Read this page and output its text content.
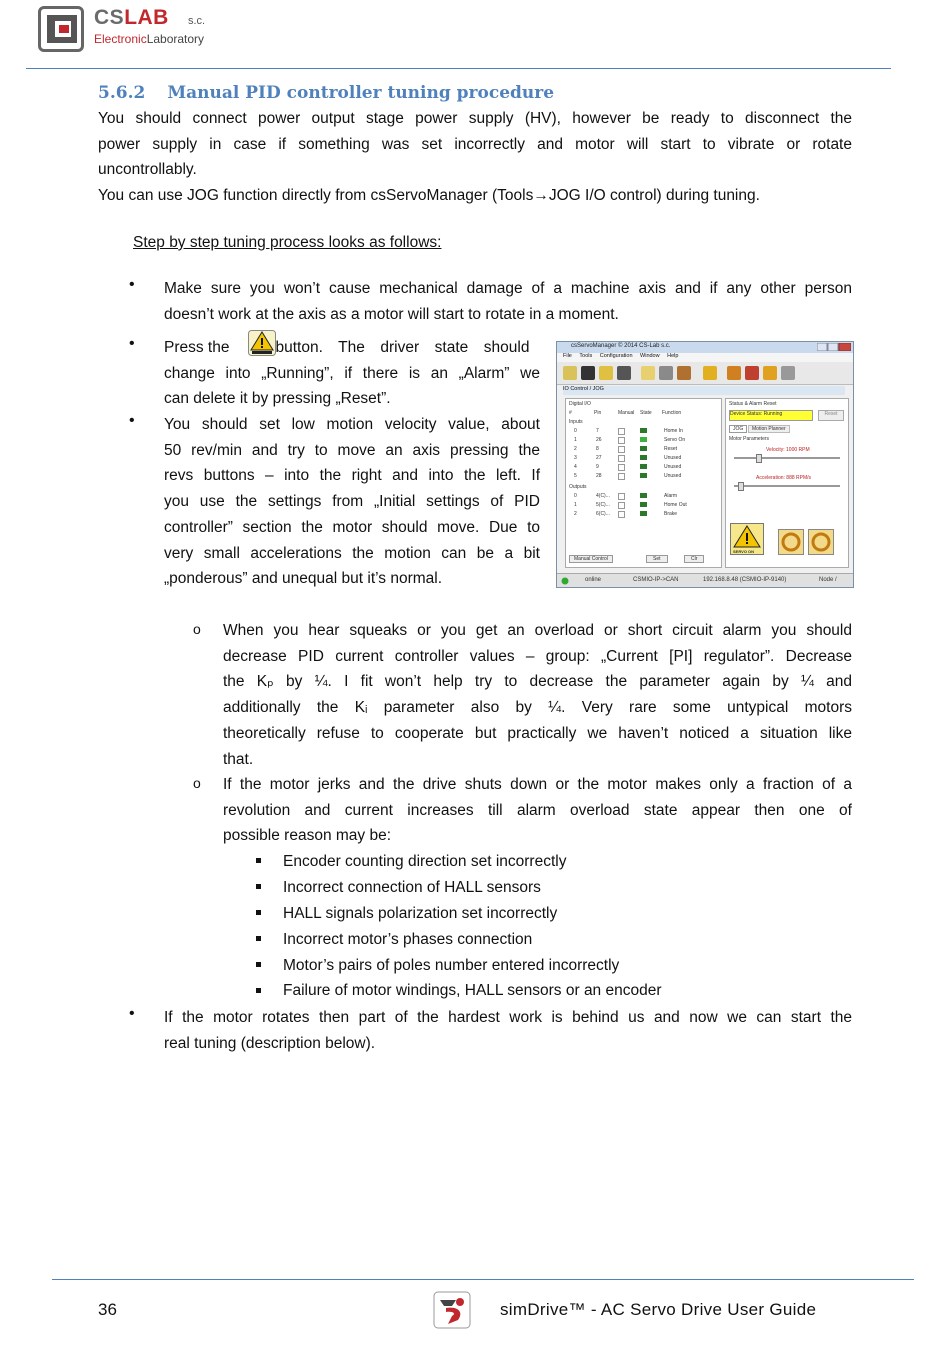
CSLAB s.c.
ElectronicLaboratory
5.6.2 Manual PID controller tuning procedure
You should connect power output stage power supply (HV), however be ready to disconnect the
power supply in case if something was set incorrectly and motor will start to vibrate or rotate
uncontrollably.
You can use JOG function directly from csServoManager (Tools→JOG I/O control) during tuning.
Step by step tuning process looks as follows:
• Make sure you won’t cause mechanical damage of a machine axis and if any other person
doesn’t work at the axis as a motor will start to rotate in a moment.
• Press the	button. The driver state should
change into „Running”, if there is an „Alarm” we
can delete it by pressing „Reset”.
• You should set low motion velocity value, about
50 rev/min and try to move an axis pressing the
revs buttons – into the right and into the left. If
you use the settings from „Initial settings of PID
controller” section the motor should move. Due to
very small accelerations the motion can be a bit
„ponderous” and unequal but it’s normal.
csServoManager © 2014 CS-Lab s.c.
File Tools Configuration Window Help
IO Control / JOG
Digital I/O
#	Pin	Manual State Function
Inputs
0	7	Home In
1	26	Servo On
2	8	Reset
3	27	Unused
4	9	Unused
5	28	Unused
Outputs
0	4(C)...	Alarm
1	5(C)...	Home Out
2	6(C)...	Brake
Manual Control	Set	Clr
Status & Alarm Reset
Device Status: Running	Reset
JOG	Motion Planner
Motor Parameters
Velocity: 1000 RPM
Acceleration: 888 RPM/s
SERVO ON
online	CSMIO-IP->CAN	192.168.8.48 (CSMIO-IP-9140)	Node /
o When you hear squeaks or you get an overload or short circuit alarm you should
decrease PID current controller values – group: „Current [PI] regulator”. Decrease
the Kₚ by ¼. I fit won’t help try to decrease the parameter again by ¼ and
additionally the Kᵢ parameter also by ¼. Very rare some untypical motors
theoretically refuse to cooperate but practically we haven’t noticed a situation like
that.
o If the motor jerks and the drive shuts down or the motor makes only a fraction of a
revolution and current increases till alarm overload state appear then one of
possible reason may be:
Encoder counting direction set incorrectly
Incorrect connection of HALL sensors
HALL signals polarization set incorrectly
Incorrect motor’s phases connection
Motor’s pairs of poles number entered incorrectly
Failure of motor windings, HALL sensors or an encoder
• If the motor rotates then part of the hardest work is behind us and now we can start the
real tuning (description below).
36	simDrive™ - AC Servo Drive User Guide
